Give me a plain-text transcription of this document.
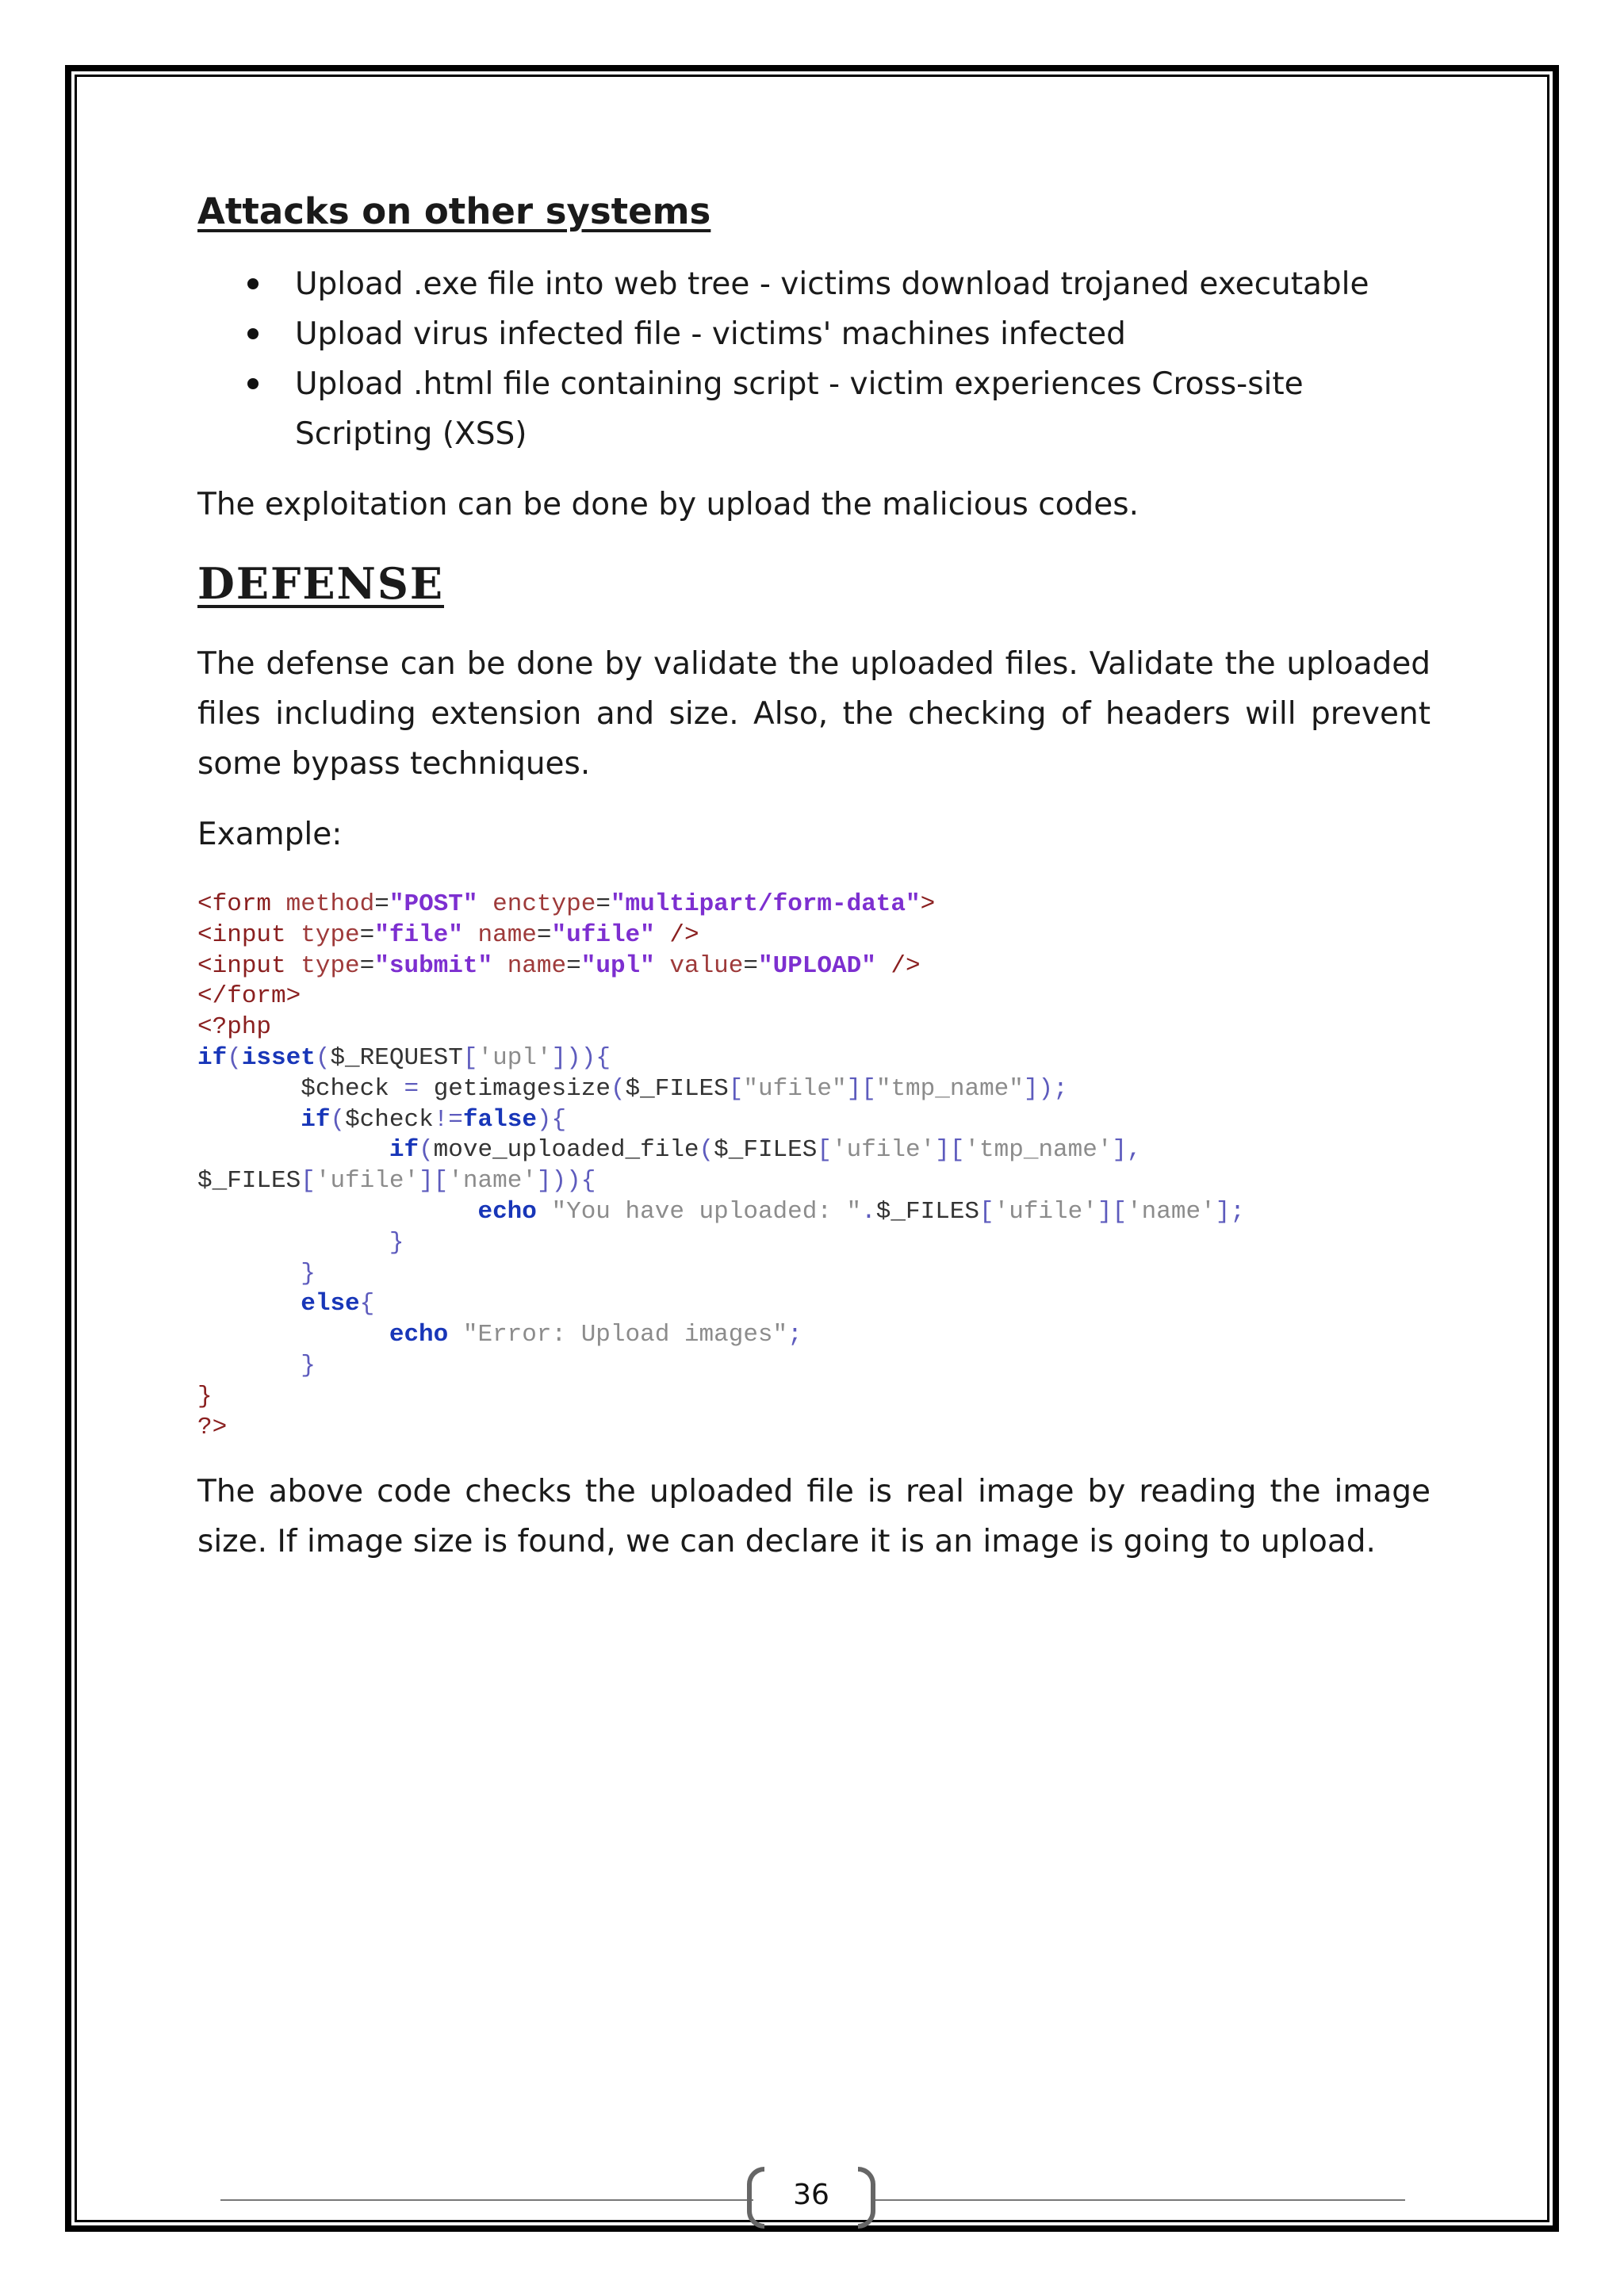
Attacks on other systems
Upload .exe file into web tree - victims download trojaned executable
Upload virus infected file - victims' machines infected
Upload .html file containing script - victim experiences Cross-site Scripting (XSS)

The exploitation can be done by upload the malicious codes.

DEFENSE

The defense can be done by validate the uploaded files. Validate the uploaded files including extension and size. Also, the checking of headers will prevent some bypass techniques.

Example:

<form method="POST" enctype="multipart/form-data">
<input type="file" name="ufile" />
<input type="submit" name="upl" value="UPLOAD" />
</form>
<?php
if(isset($_REQUEST['upl'])){
$check = getimagesize($_FILES["ufile"]["tmp_name"]);
if($check!=false){
if(move_uploaded_file($_FILES['ufile']['tmp_name'],
$_FILES['ufile']['name'])){
echo "You have uploaded: ".$_FILES['ufile']['name'];
}
}
else{
echo "Error: Upload images";
}
}
?>

The above code checks the uploaded file is real image by reading the image size. If image size is found, we can declare it is an image is going to upload.

36
